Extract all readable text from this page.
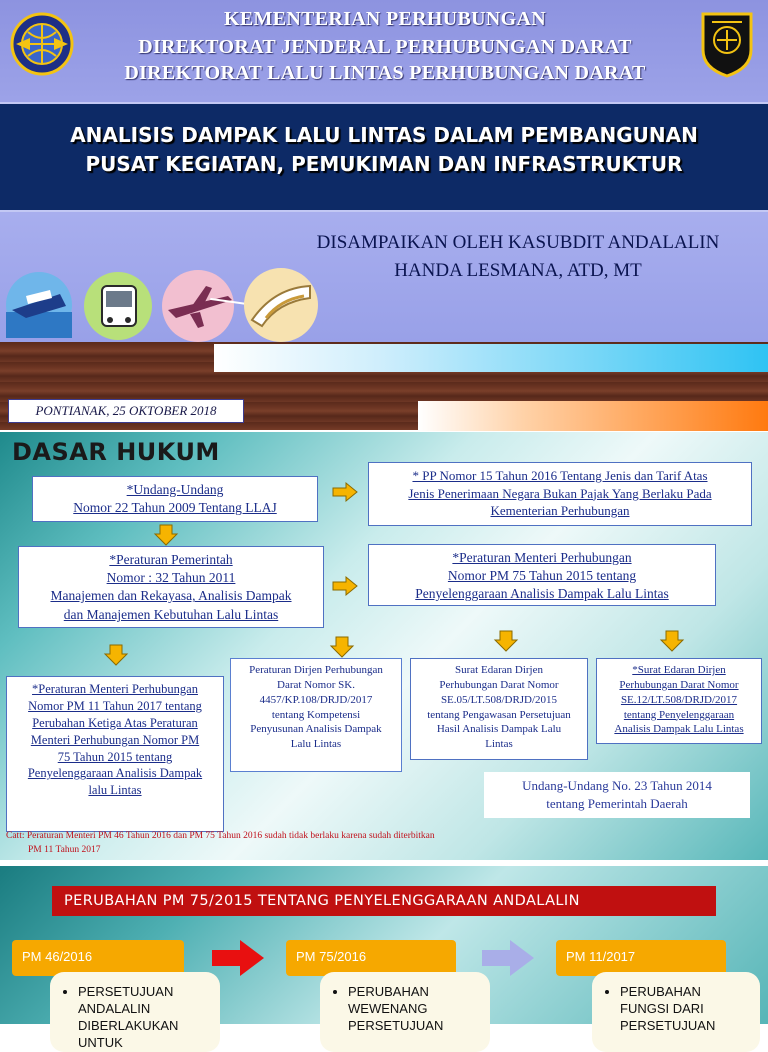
KEMENTERIAN PERHUBUNGAN
DIREKTORAT JENDERAL PERHUBUNGAN DARAT
DIREKTORAT LALU LINTAS PERHUBUNGAN DARAT
ANALISIS DAMPAK LALU LINTAS DALAM PEMBANGUNAN
PUSAT KEGIATAN, PEMUKIMAN DAN INFRASTRUKTUR
DISAMPAIKAN OLEH KASUBDIT ANDALALIN
HANDA LESMANA, ATD, MT
PONTIANAK, 25 OKTOBER 2018
DASAR HUKUM
*Undang-Undang
Nomor 22 Tahun 2009 Tentang LLAJ
* PP Nomor 15 Tahun 2016 Tentang Jenis dan Tarif Atas
Jenis Penerimaan Negara Bukan Pajak Yang Berlaku Pada
Kementerian Perhubungan
*Peraturan Pemerintah
Nomor : 32 Tahun 2011
Manajemen dan Rekayasa, Analisis Dampak
dan Manajemen Kebutuhan Lalu Lintas
*Peraturan Menteri Perhubungan
Nomor PM 75 Tahun 2015 tentang
Penyelenggaraan Analisis Dampak Lalu Lintas
*Peraturan Menteri Perhubungan
Nomor PM 11 Tahun 2017 tentang
Perubahan Ketiga Atas Peraturan
Menteri Perhubungan Nomor PM
75 Tahun 2015 tentang
Penyelenggaraan Analisis Dampak
lalu Lintas
Peraturan Dirjen Perhubungan
Darat Nomor SK.
4457/KP.108/DRJD/2017
tentang Kompetensi
Penyusunan Analisis Dampak
Lalu Lintas
Surat Edaran Dirjen
Perhubungan Darat Nomor
SE.05/LT.508/DRJD/2015
tentang Pengawasan Persetujuan
Hasil Analisis Dampak Lalu
Lintas
*Surat Edaran Dirjen
Perhubungan Darat Nomor
SE.12/LT.508/DRJD/2017
tentang Penyelenggaraan
Analisis Dampak Lalu Lintas
Undang-Undang No. 23 Tahun 2014
tentang Pemerintah Daerah
Catt: Peraturan Menteri PM 46 Tahun 2016 dan PM 75 Tahun 2016 sudah tidak berlaku karena sudah diterbitkan
PM 11 Tahun 2017
PERUBAHAN PM 75/2015 TENTANG PENYELENGGARAAN ANDALALIN
PM 46/2016
• PERSETUJUAN
ANDALALIN
DIBERLAKUKAN UNTUK
PM 75/2016
• PERUBAHAN
WEWENANG
PERSETUJUAN
PM 11/2017
• PERUBAHAN
FUNGSI DARI
PERSETUJUAN
